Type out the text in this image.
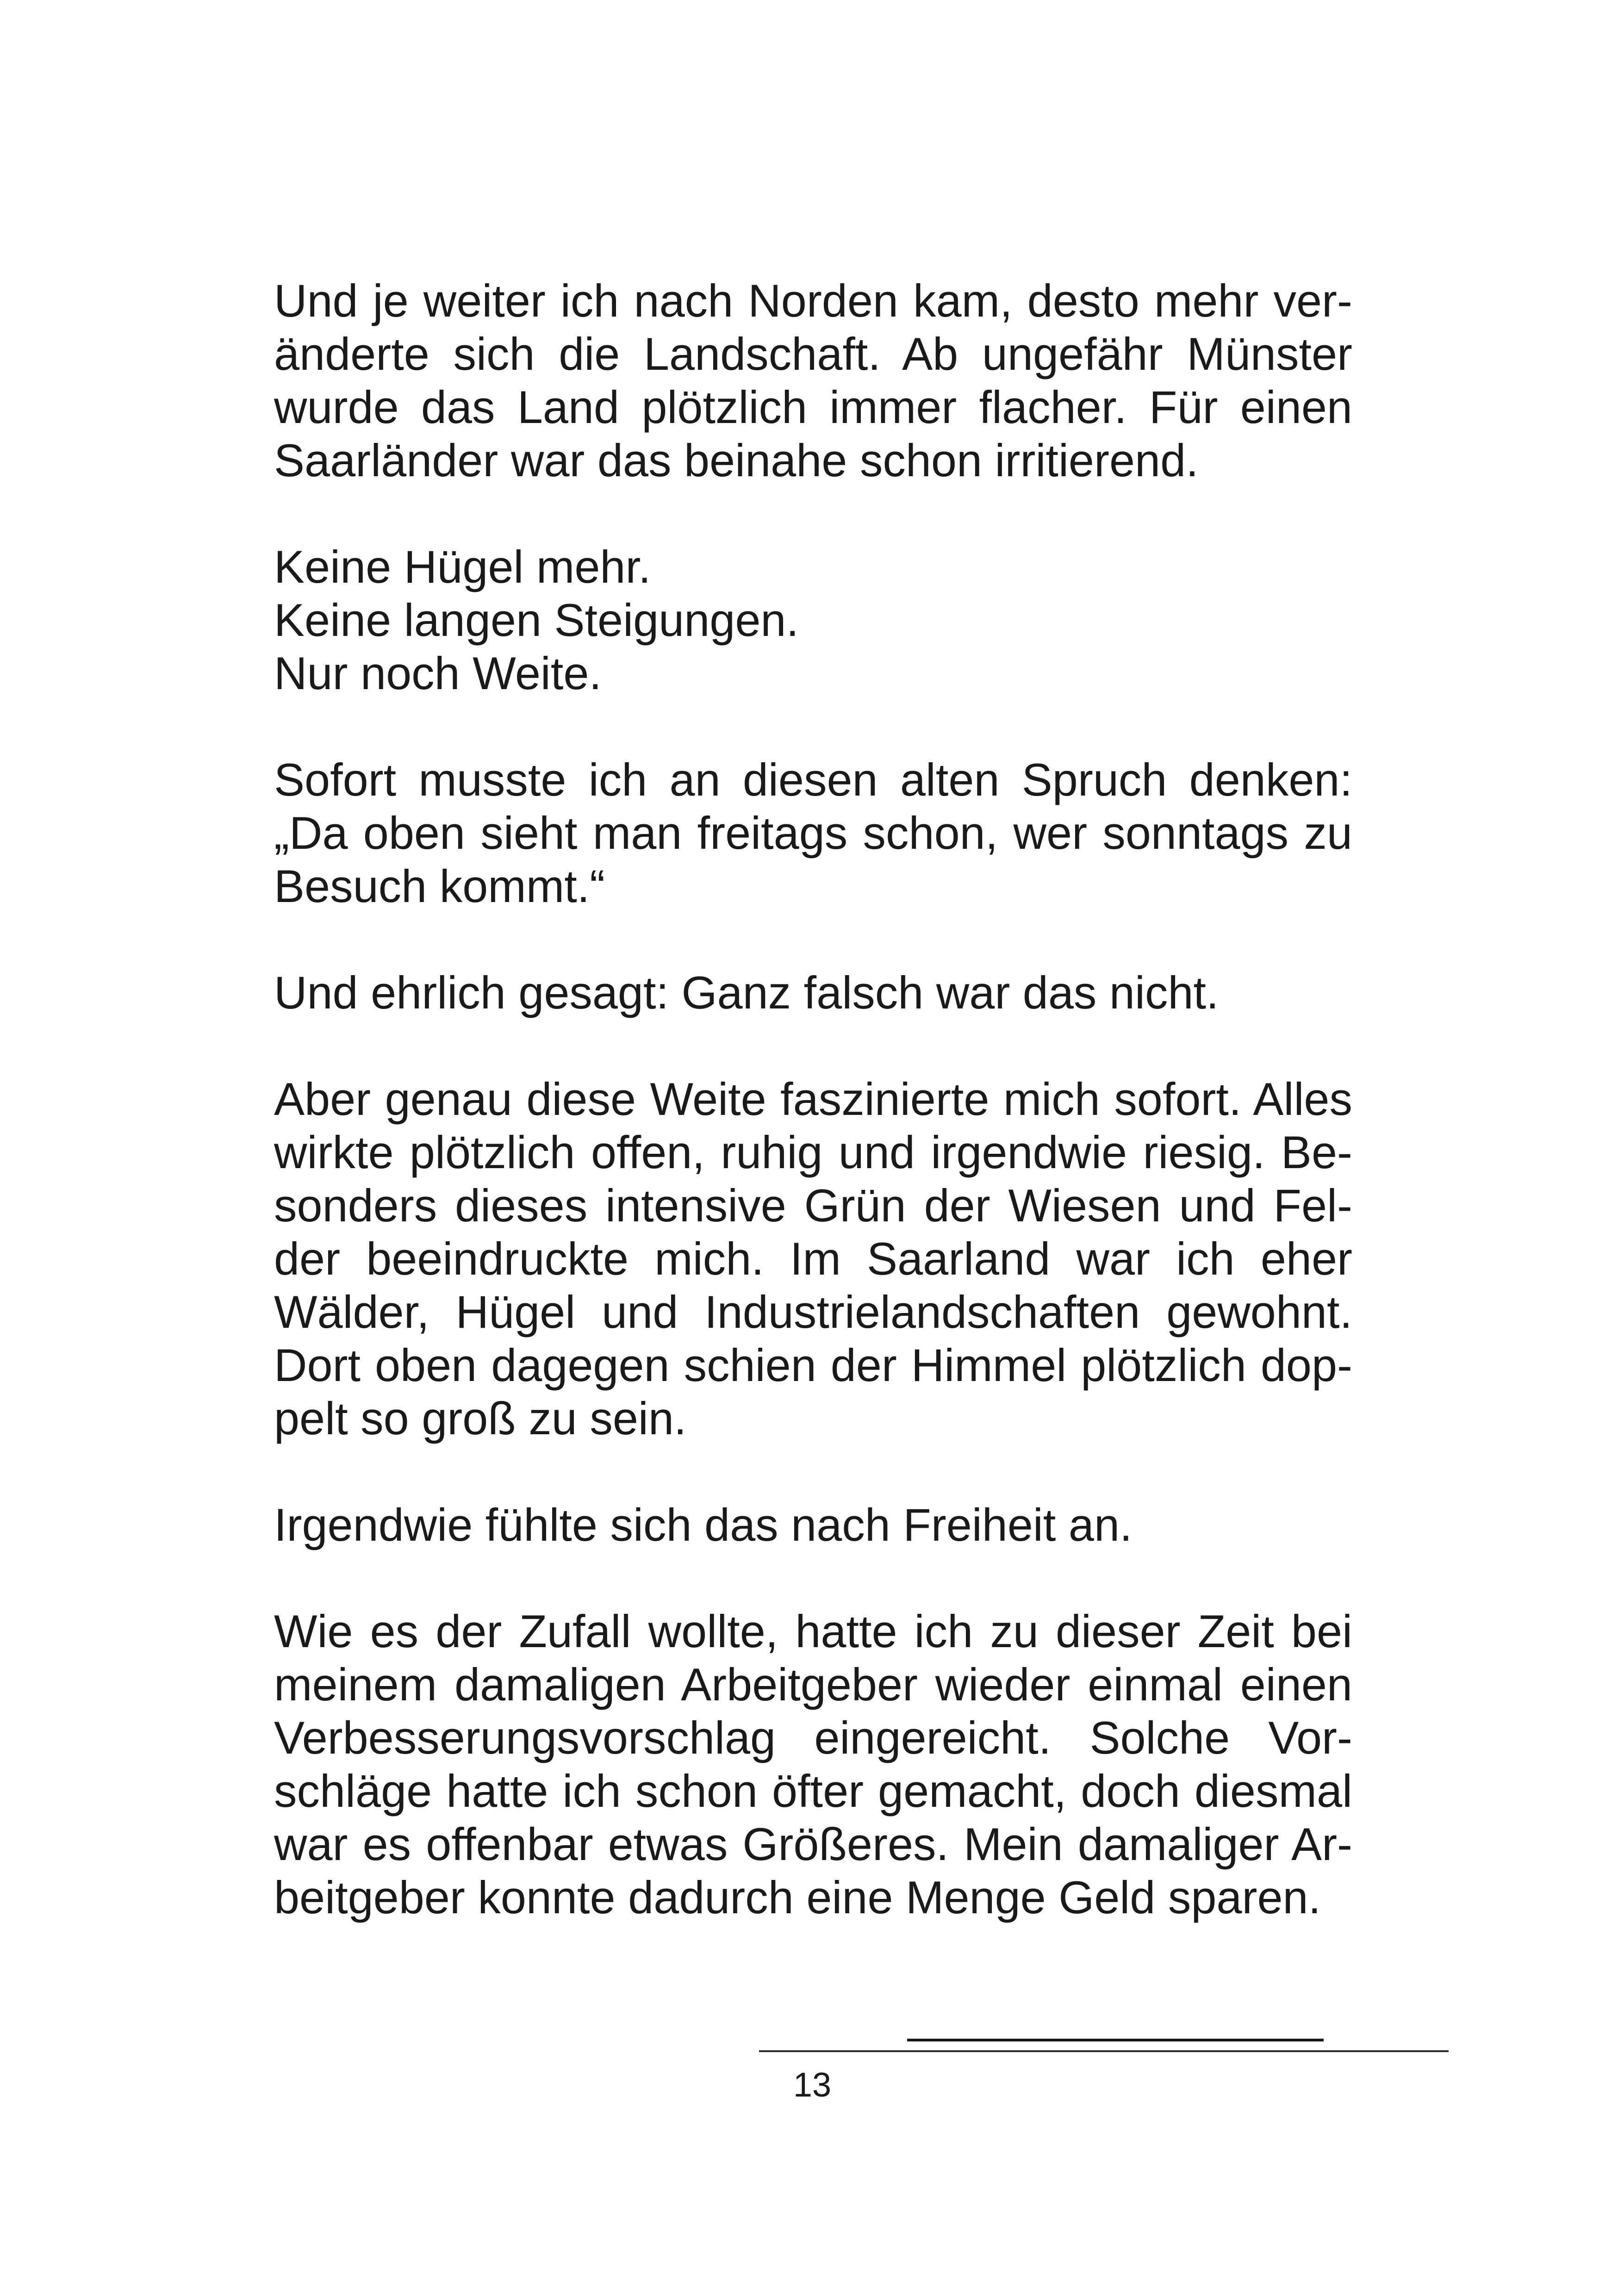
Und je weiter ich nach Norden kam, desto mehr ver-
änderte sich die Landschaft. Ab ungefähr Münster
wurde das Land plötzlich immer flacher. Für einen
Saarländer war das beinahe schon irritierend.
Keine Hügel mehr.
Keine langen Steigungen.
Nur noch Weite.
Sofort musste ich an diesen alten Spruch denken:
„Da oben sieht man freitags schon, wer sonntags zu
Besuch kommt.“
Und ehrlich gesagt: Ganz falsch war das nicht.
Aber genau diese Weite faszinierte mich sofort. Alles
wirkte plötzlich offen, ruhig und irgendwie riesig. Be-
sonders dieses intensive Grün der Wiesen und Fel-
der beeindruckte mich. Im Saarland war ich eher
Wälder, Hügel und Industrielandschaften gewohnt.
Dort oben dagegen schien der Himmel plötzlich dop-
pelt so groß zu sein.
Irgendwie fühlte sich das nach Freiheit an.
Wie es der Zufall wollte, hatte ich zu dieser Zeit bei
meinem damaligen Arbeitgeber wieder einmal einen
Verbesserungsvorschlag eingereicht. Solche Vor-
schläge hatte ich schon öfter gemacht, doch diesmal
war es offenbar etwas Größeres. Mein damaliger Ar-
beitgeber konnte dadurch eine Menge Geld sparen.
13
